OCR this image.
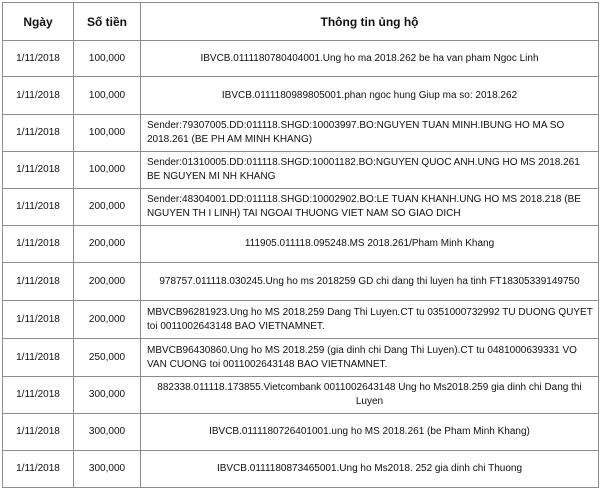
Ngày	Số tiền	Thông tin ủng hộ
1/11/2018	100,000	IBVCB.0111180780404001.Ung ho ma 2018.262 be ha van pham Ngoc Linh
1/11/2018	100,000	IBVCB.0111180989805001.phan ngoc hung Giup ma so: 2018.262
1/11/2018	100,000	Sender:79307005.DD:011118.SHGD:10003997.BO:NGUYEN TUAN MINH.IBUNG HO MA SO 2018.261 (BE PH AM MINH KHANG)
1/11/2018	100,000	Sender:01310005.DD:011118.SHGD:10001182.BO:NGUYEN QUOC ANH.UNG HO MS 2018.261 BE NGUYEN MI NH KHANG
1/11/2018	200,000	Sender:48304001.DD:011118.SHGD:10002902.BO:LE TUAN KHANH.UNG HO MS 2018.218 (BE NGUYEN TH I LINH) TAI NGOAI THUONG VIET NAM SO GIAO DICH
1/11/2018	200,000	111905.011118.095248.MS 2018.261/Pham Minh Khang
1/11/2018	200,000	978757.011118.030245.Ung ho ms 2018259 GD chi dang thi luyen ha tinh FT18305339149750
1/11/2018	200,000	MBVCB96281923.Ung ho MS 2018.259 Dang Thi Luyen.CT tu 0351000732992 TU DUONG QUYET toi 0011002643148 BAO VIETNAMNET.
1/11/2018	250,000	MBVCB96430860.Ung ho MS 2018.259 (gia dinh chi Dang Thi Luyen).CT tu 0481000639331 VO VAN CUONG toi 0011002643148 BAO VIETNAMNET.
1/11/2018	300,000	882338.011118.173855.Vietcombank 0011002643148 Ung ho Ms2018.259 gia dinh chi Dang thi Luyen
1/11/2018	300,000	IBVCB.0111180726401001.ung ho MS 2018.261 (be Pham Minh Khang)
1/11/2018	300,000	IBVCB.0111180873465001.Ung ho Ms2018. 252 gia dinh chi Thuong
